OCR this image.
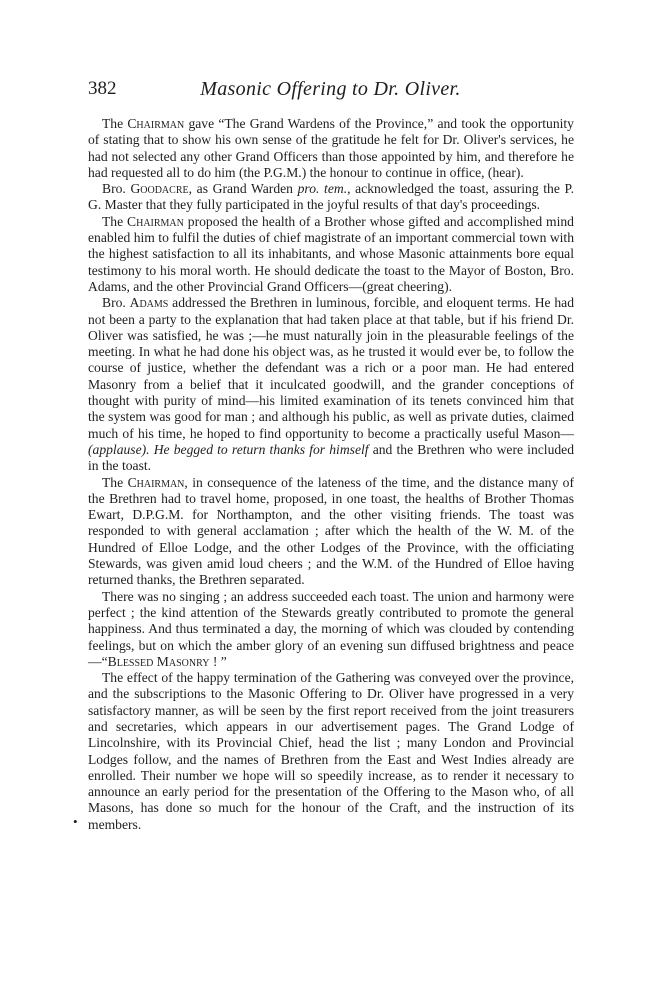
382	Masonic Offering to Dr. Oliver.
•

The Chairman gave “The Grand Wardens of the Province,” and took the opportunity of stating that to show his own sense of the gratitude he felt for Dr. Oliver's services, he had not selected any other Grand Officers than those appointed by him, and therefore he had requested all to do him (the P.G.M.) the honour to continue in office, (hear).

Bro. Goodacre, as Grand Warden pro. tem., acknowledged the toast, assuring the P. G. Master that they fully participated in the joyful results of that day's proceedings.

The Chairman proposed the health of a Brother whose gifted and accomplished mind enabled him to fulfil the duties of chief magistrate of an important commercial town with the highest satisfaction to all its inhabitants, and whose Masonic attainments bore equal testimony to his moral worth. He should dedicate the toast to the Mayor of Boston, Bro. Adams, and the other Provincial Grand Officers—(great cheering).

Bro. Adams addressed the Brethren in luminous, forcible, and eloquent terms. He had not been a party to the explanation that had taken place at that table, but if his friend Dr. Oliver was satisfied, he was ;—he must naturally join in the pleasurable feelings of the meeting. In what he had done his object was, as he trusted it would ever be, to follow the course of justice, whether the defendant was a rich or a poor man. He had entered Masonry from a belief that it inculcated goodwill, and the grander conceptions of thought with purity of mind—his limited examination of its tenets convinced him that the system was good for man ; and although his public, as well as private duties, claimed much of his time, he hoped to find opportunity to become a practically useful Mason—(applause). He begged to return thanks for himself and the Brethren who were included in the toast.

The Chairman, in consequence of the lateness of the time, and the distance many of the Brethren had to travel home, proposed, in one toast, the healths of Brother Thomas Ewart, D.P.G.M. for Northampton, and the other visiting friends. The toast was responded to with general acclamation ; after which the health of the W. M. of the Hundred of Elloe Lodge, and the other Lodges of the Province, with the officiating Stewards, was given amid loud cheers ; and the W.M. of the Hundred of Elloe having returned thanks, the Brethren separated.

There was no singing ; an address succeeded each toast. The union and harmony were perfect ; the kind attention of the Stewards greatly contributed to promote the general happiness. And thus terminated a day, the morning of which was clouded by contending feelings, but on which the amber glory of an evening sun diffused brightness and peace—“Blessed Masonry ! ”

The effect of the happy termination of the Gathering was conveyed over the province, and the subscriptions to the Masonic Offering to Dr. Oliver have progressed in a very satisfactory manner, as will be seen by the first report received from the joint treasurers and secretaries, which appears in our advertisement pages. The Grand Lodge of Lincolnshire, with its Provincial Chief, head the list ; many London and Provincial Lodges follow, and the names of Brethren from the East and West Indies already are enrolled. Their number we hope will so speedily increase, as to render it necessary to announce an early period for the presentation of the Offering to the Mason who, of all Masons, has done so much for the honour of the Craft, and the instruction of its members.
